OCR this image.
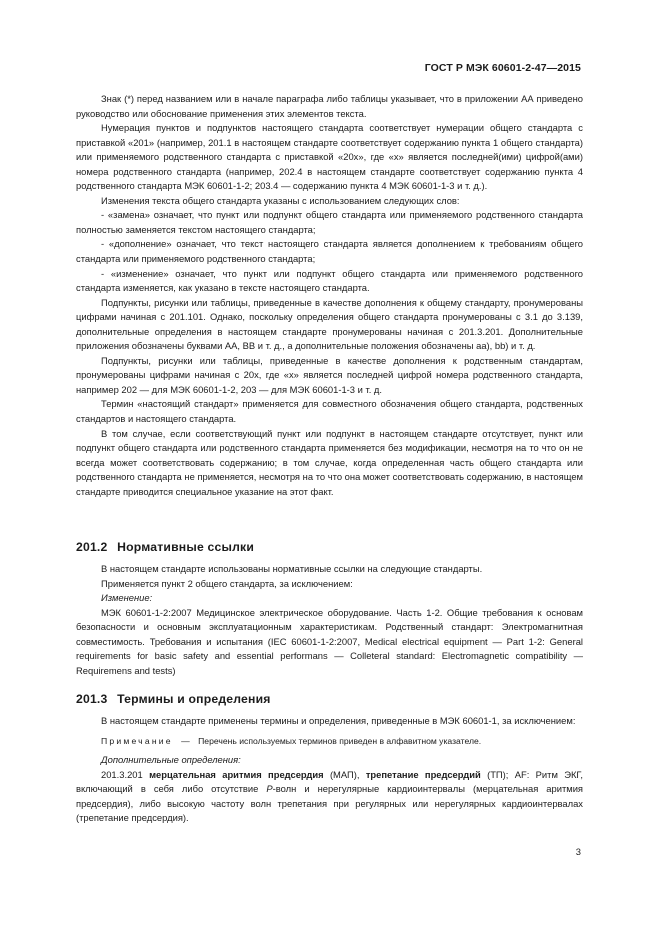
ГОСТ Р МЭК 60601-2-47—2015

Знак (*) перед названием или в начале параграфа либо таблицы указывает, что в приложении АА приведено руководство или обоснование применения этих элементов текста.

Нумерация пунктов и подпунктов настоящего стандарта соответствует нумерации общего стандарта с приставкой «201» (например, 201.1 в настоящем стандарте соответствует содержанию пункта 1 общего стандарта) или применяемого родственного стандарта с приставкой «20x», где «x» является последней(ими) цифрой(ами) номера родственного стандарта (например, 202.4 в настоящем стандарте соответствует содержанию пункта 4 родственного стандарта МЭК 60601-1-2; 203.4 — содержанию пункта 4 МЭК 60601-1-3 и т. д.).

Изменения текста общего стандарта указаны с использованием следующих слов:

- «замена» означает, что пункт или подпункт общего стандарта или применяемого родственного стандарта полностью заменяется текстом настоящего стандарта;

- «дополнение» означает, что текст настоящего стандарта является дополнением к требованиям общего стандарта или применяемого родственного стандарта;

- «изменение» означает, что пункт или подпункт общего стандарта или применяемого родственного стандарта изменяется, как указано в тексте настоящего стандарта.

Подпункты, рисунки или таблицы, приведенные в качестве дополнения к общему стандарту, пронумерованы цифрами начиная с 201.101. Однако, поскольку определения общего стандарта пронумерованы с 3.1 до 3.139, дополнительные определения в настоящем стандарте пронумерованы начиная с 201.3.201. Дополнительные приложения обозначены буквами АА, ВВ и т. д., а дополнительные положения обозначены аа), bb) и т. д.

Подпункты, рисунки или таблицы, приведенные в качестве дополнения к родственным стандартам, пронумерованы цифрами начиная с 20x, где «x» является последней цифрой номера родственного стандарта, например 202 — для МЭК 60601-1-2, 203 — для МЭК 60601-1-3 и т. д.

Термин «настоящий стандарт» применяется для совместного обозначения общего стандарта, родственных стандартов и настоящего стандарта.

В том случае, если соответствующий пункт или подпункт в настоящем стандарте отсутствует, пункт или подпункт общего стандарта или родственного стандарта применяется без модификации, несмотря на то что он не всегда может соответствовать содержанию; в том случае, когда определенная часть общего стандарта или родственного стандарта не применяется, несмотря на то что она может соответствовать содержанию, в настоящем стандарте приводится специальное указание на этот факт.

201.2 Нормативные ссылки

В настоящем стандарте использованы нормативные ссылки на следующие стандарты.

Применяется пункт 2 общего стандарта, за исключением:

Изменение:

МЭК 60601-1-2:2007 Медицинское электрическое оборудование. Часть 1-2. Общие требования к основам безопасности и основным эксплуатационным характеристикам. Родственный стандарт: Электромагнитная совместимость. Требования и испытания (IEC 60601-1-2:2007, Medical electrical equipment — Part 1-2: General requirements for basic safety and essential performans — Colleteral standard: Electromagnetic compatibility — Requiremens and tests)

201.3 Термины и определения

В настоящем стандарте применены термины и определения, приведенные в МЭК 60601-1, за исключением:

Примечание — Перечень используемых терминов приведен в алфавитном указателе.

Дополнительные определения:

201.3.201 мерцательная аритмия предсердия (МАП), трепетание предсердий (ТП); AF: Ритм ЭКГ, включающий в себя либо отсутствие P-волн и нерегулярные кардиоинтервалы (мерцательная аритмия предсердия), либо высокую частоту волн трепетания при регулярных или нерегулярных кардиоинтервалах (трепетание предсердия).

3
